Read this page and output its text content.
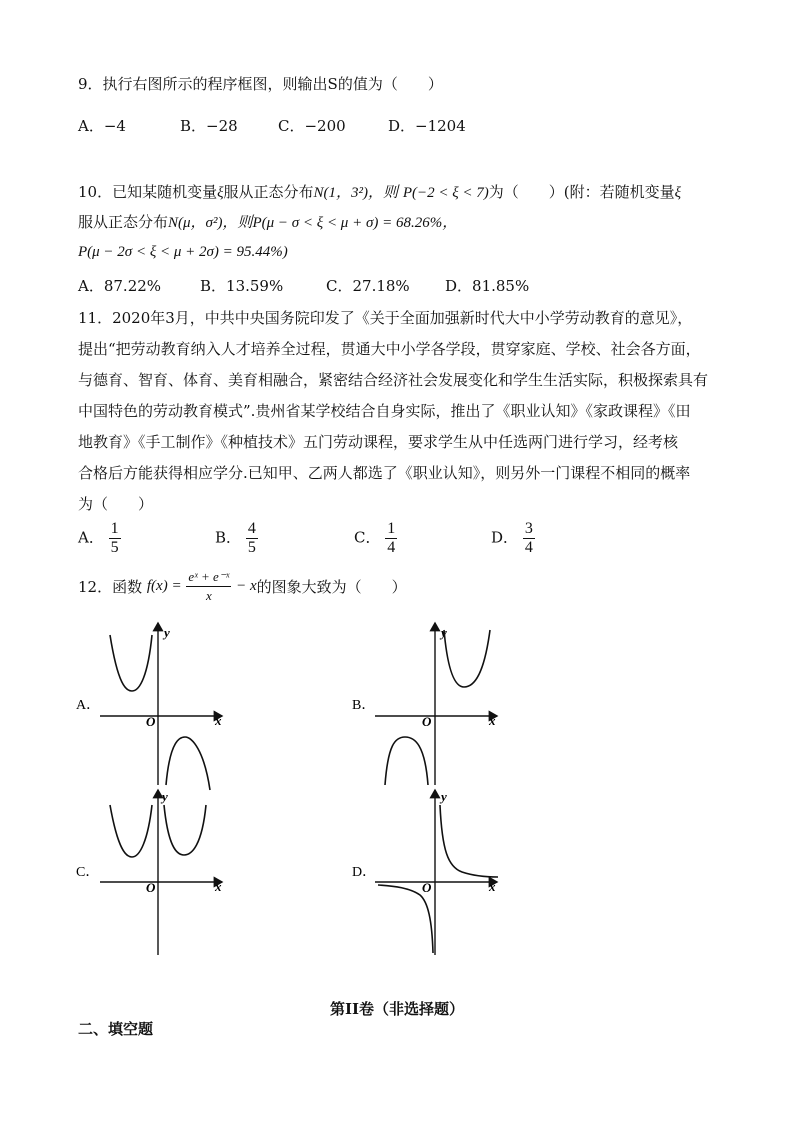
9．执行右图所示的程序框图，则输出S的值为（　　）
A．−4	B．−28	C．−200	D．−1204
10．已知某随机变量ξ服从正态分布N(1，3²)，则 P(−2 < ξ < 7)为（　　）(附：若随机变量ξ
服从正态分布N(μ，σ²)，则P(μ − σ < ξ < μ + σ) = 68.26%，
P(μ − 2σ < ξ < μ + 2σ) = 95.44%)
A．87.22%	B．13.59%	C．27.18% D．81.85%
11．2020年3月，中共中央国务院印发了《关于全面加强新时代大中小学劳动教育的意见》，
提出“把劳动教育纳入人才培养全过程，贯通大中小学各学段，贯穿家庭、学校、社会各方面，
与德育、智育、体育、美育相融合，紧密结合经济社会发展变化和学生生活实际，积极探索具有
中国特色的劳动教育模式”.贵州省某学校结合自身实际，推出了《职业认知》《家政课程》《田
地教育》《手工制作》《种植技术》五门劳动课程，要求学生从中任选两门进行学习，经考核
合格后方能获得相应学分.已知甲、乙两人都选了《职业认知》，则另外一门课程不相同的概率
为（　　）
A． $\frac{1}{5}$	B． $\frac{4}{5}$	C． $\frac{1}{4}$	D． $\frac{3}{4}$
12．函数 $f(x) = \frac{\text{eˣ + e⁻ˣ}}{x} - x$的图象大致为（　　）
A．
y
x
O
B．
y
x
O
C．
y
x
O
D．
y
x
O
第II卷（非选择题）
二、填空题
